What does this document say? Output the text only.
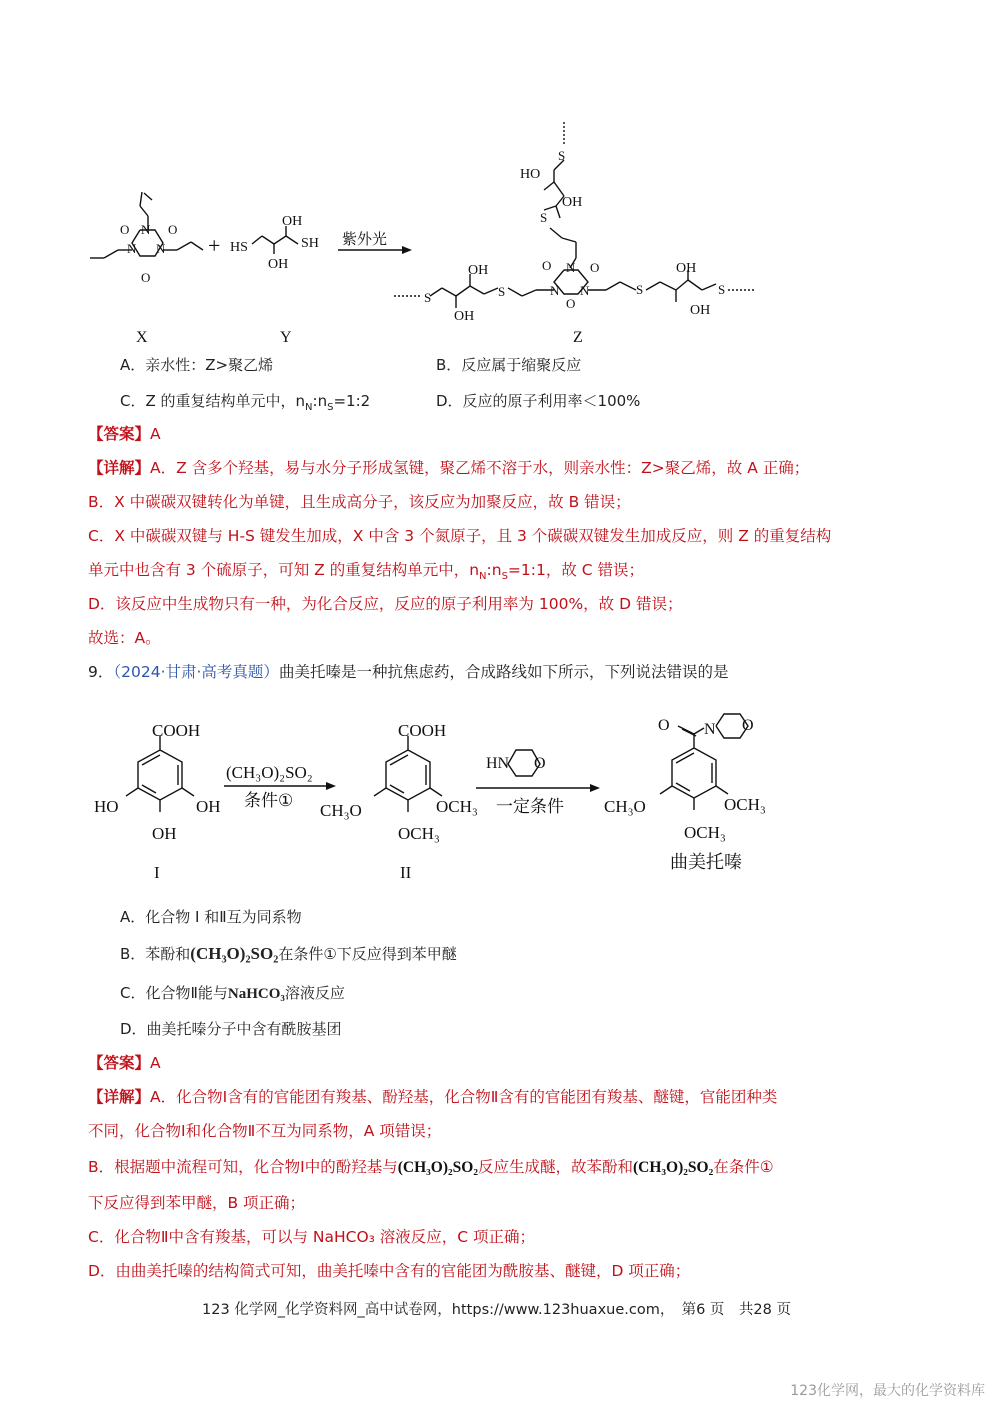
O N O
N N
O
+ HS
OH
OH
SH 紫外光
S
HO
OH
S
O N O
N N
O
S
OH
OH
S
S
OH
OH
S
X	Y	Z
A．亲水性：Z>聚乙烯	B．反应属于缩聚反应
C．Z 的重复结构单元中，$n_N:n_S=1:2$	D．反应的原子利用率＜100%
【答案】A
【详解】A．Z 含多个羟基，易与水分子形成氢键，聚乙烯不溶于水，则亲水性：Z>聚乙烯，故 A 正确；
B．X 中碳碳双键转化为单键，且生成高分子，该反应为加聚反应，故 B 错误；
C．X 中碳碳双键与 H-S 键发生加成，X 中含 3 个氮原子，且 3 个碳碳双键发生加成反应，则 Z 的重复结构
单元中也含有 3 个硫原子，可知 Z 的重复结构单元中，$n_N:n_S=1:1$，故 C 错误；
D．该反应中生成物只有一种，为化合反应，反应的原子利用率为 100%，故 D 错误；
故选：A。
9．（2024·甘肃·高考真题）曲美托嗪是一种抗焦虑药，合成路线如下所示，下列说法错误的是
COOH
HO	OH
OH
I
(CH₃O)₂SO₂
条件①
COOH
CH₃O	OCH₃
OCH₃
II
HN O
一定条件
O N O
CH₃O	OCH₃
OCH₃
曲美托嗪
A．化合物 I 和Ⅱ互为同系物
B．苯酚和(CH₃O)₂SO₂在条件①下反应得到苯甲醚
C．化合物Ⅱ能与NaHCO₃溶液反应
D．曲美托嗪分子中含有酰胺基团
【答案】A
【详解】A．化合物Ⅰ含有的官能团有羧基、酚羟基，化合物Ⅱ含有的官能团有羧基、醚键，官能团种类
不同，化合物Ⅰ和化合物Ⅱ不互为同系物，A 项错误；
B．根据题中流程可知，化合物Ⅰ中的酚羟基与(CH₃O)₂SO₂反应生成醚，故苯酚和(CH₃O)₂SO₂在条件①
下反应得到苯甲醚，B 项正确；
C．化合物Ⅱ中含有羧基，可以与 NaHCO₃ 溶液反应，C 项正确；
D．由曲美托嗪的结构简式可知，曲美托嗪中含有的官能团为酰胺基、醚键，D 项正确；
123 化学网_化学资料网_高中试卷网，https://www.123huaxue.com，　第6 页　共28 页
123化学网，最大的化学资料库
